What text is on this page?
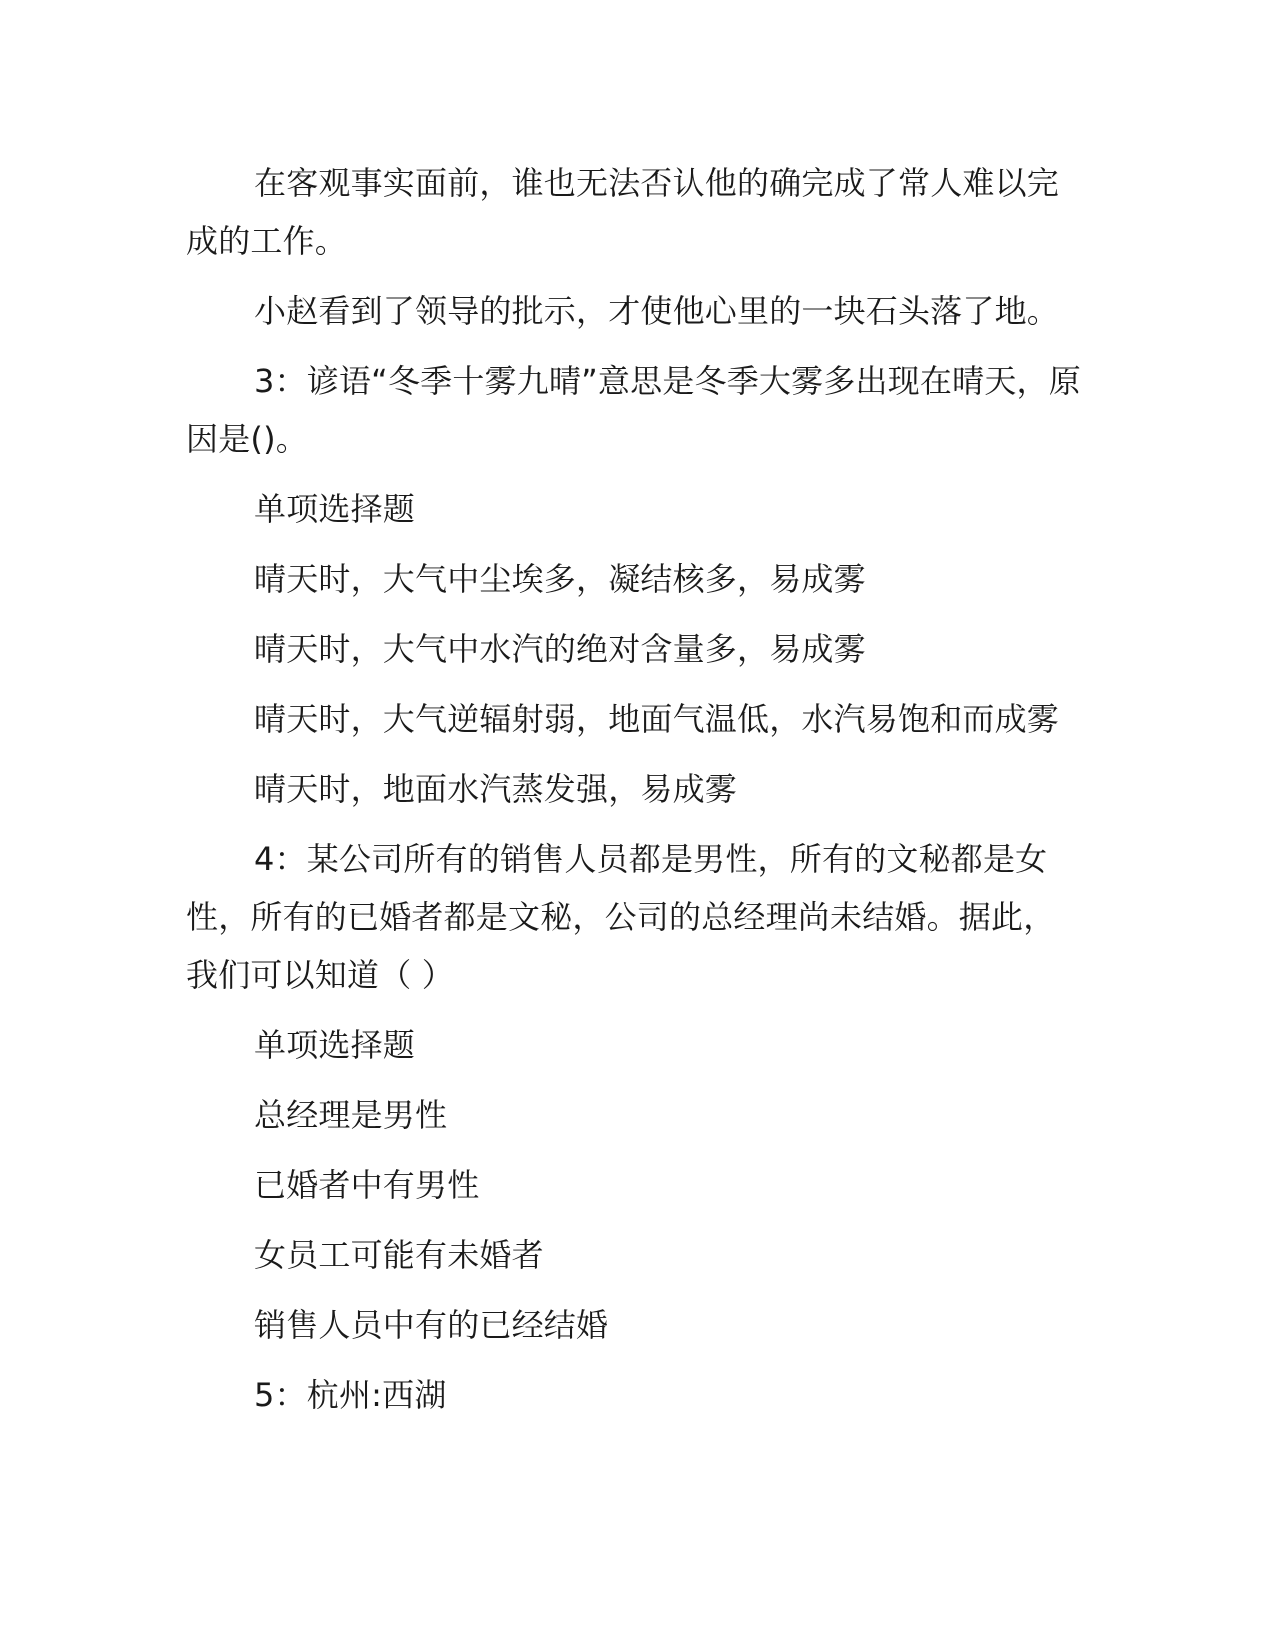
在客观事实面前，谁也无法否认他的确完成了常人难以完成的工作。

小赵看到了领导的批示，才使他心里的一块石头落了地。

3：谚语“冬季十雾九晴”意思是冬季大雾多出现在晴天，原因是()。

单项选择题

晴天时，大气中尘埃多，凝结核多，易成雾

晴天时，大气中水汽的绝对含量多，易成雾

晴天时，大气逆辐射弱，地面气温低，水汽易饱和而成雾

晴天时，地面水汽蒸发强，易成雾

4：某公司所有的销售人员都是男性，所有的文秘都是女性，所有的已婚者都是文秘，公司的总经理尚未结婚。据此，我们可以知道（ ）

单项选择题

总经理是男性

已婚者中有男性

女员工可能有未婚者

销售人员中有的已经结婚

5：杭州:西湖
